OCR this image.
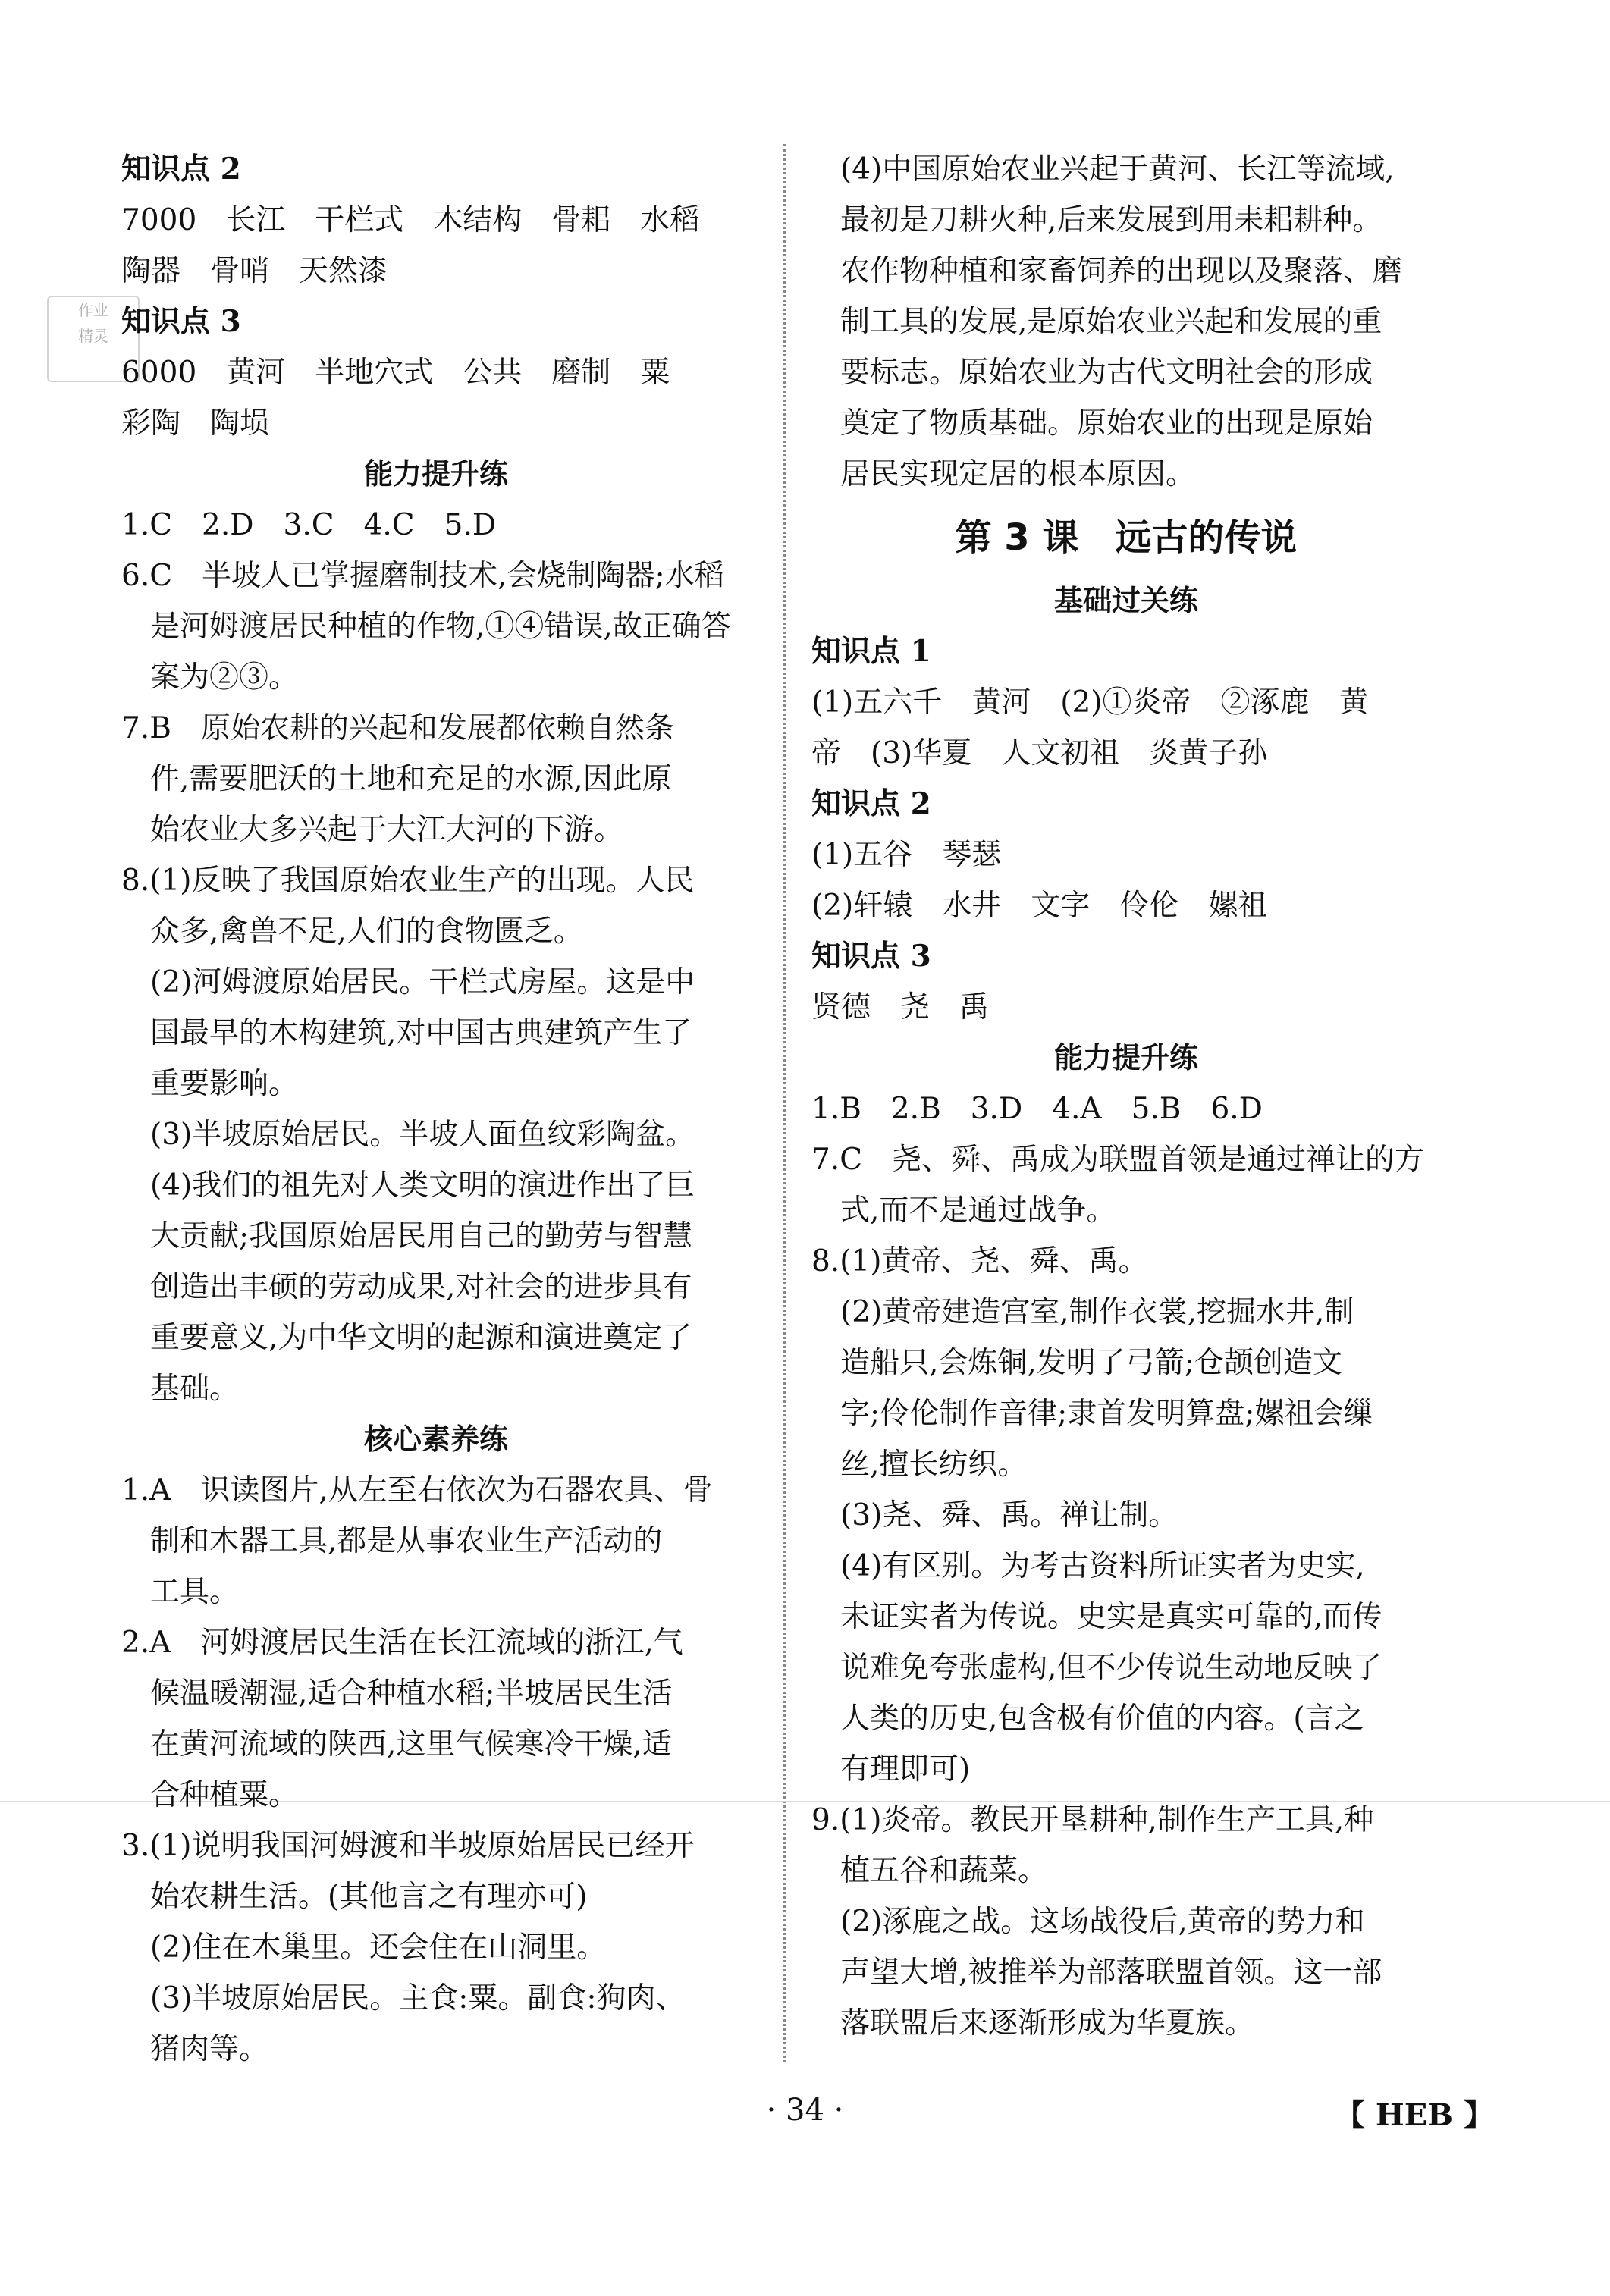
作业
精灵
知识点 2
7000　长江　干栏式　木结构　骨耜　水稻
陶器　骨哨　天然漆
知识点 3
6000　黄河　半地穴式　公共　磨制　粟
彩陶　陶埙
能力提升练
1.C　2.D　3.C　4.C　5.D
6.C　半坡人已掌握磨制技术,会烧制陶器;水稻
是河姆渡居民种植的作物,①④错误,故正确答
案为②③。
7.B　原始农耕的兴起和发展都依赖自然条
件,需要肥沃的土地和充足的水源,因此原
始农业大多兴起于大江大河的下游。
8.(1)反映了我国原始农业生产的出现。人民
众多,禽兽不足,人们的食物匮乏。
(2)河姆渡原始居民。干栏式房屋。这是中
国最早的木构建筑,对中国古典建筑产生了
重要影响。
(3)半坡原始居民。半坡人面鱼纹彩陶盆。
(4)我们的祖先对人类文明的演进作出了巨
大贡献;我国原始居民用自己的勤劳与智慧
创造出丰硕的劳动成果,对社会的进步具有
重要意义,为中华文明的起源和演进奠定了
基础。
核心素养练
1.A　识读图片,从左至右依次为石器农具、骨
制和木器工具,都是从事农业生产活动的
工具。
2.A　河姆渡居民生活在长江流域的浙江,气
候温暖潮湿,适合种植水稻;半坡居民生活
在黄河流域的陕西,这里气候寒冷干燥,适
合种植粟。
3.(1)说明我国河姆渡和半坡原始居民已经开
始农耕生活。(其他言之有理亦可)
(2)住在木巢里。还会住在山洞里。
(3)半坡原始居民。主食:粟。副食:狗肉、
猪肉等。
(4)中国原始农业兴起于黄河、长江等流域,
最初是刀耕火种,后来发展到用耒耜耕种。
农作物种植和家畜饲养的出现以及聚落、磨
制工具的发展,是原始农业兴起和发展的重
要标志。原始农业为古代文明社会的形成
奠定了物质基础。原始农业的出现是原始
居民实现定居的根本原因。
第 3 课　远古的传说
基础过关练
知识点 1
(1)五六千　黄河　(2)①炎帝　②涿鹿　黄
帝　(3)华夏　人文初祖　炎黄子孙
知识点 2
(1)五谷　琴瑟
(2)轩辕　水井　文字　伶伦　嫘祖
知识点 3
贤德　尧　禹
能力提升练
1.B　2.B　3.D　4.A　5.B　6.D
7.C　尧、舜、禹成为联盟首领是通过禅让的方
式,而不是通过战争。
8.(1)黄帝、尧、舜、禹。
(2)黄帝建造宫室,制作衣裳,挖掘水井,制
造船只,会炼铜,发明了弓箭;仓颉创造文
字;伶伦制作音律;隶首发明算盘;嫘祖会缫
丝,擅长纺织。
(3)尧、舜、禹。禅让制。
(4)有区别。为考古资料所证实者为史实,
未证实者为传说。史实是真实可靠的,而传
说难免夸张虚构,但不少传说生动地反映了
人类的历史,包含极有价值的内容。(言之
有理即可)
9.(1)炎帝。教民开垦耕种,制作生产工具,种
植五谷和蔬菜。
(2)涿鹿之战。这场战役后,黄帝的势力和
声望大增,被推举为部落联盟首领。这一部
落联盟后来逐渐形成为华夏族。
· 34 ·	【 HEB 】
